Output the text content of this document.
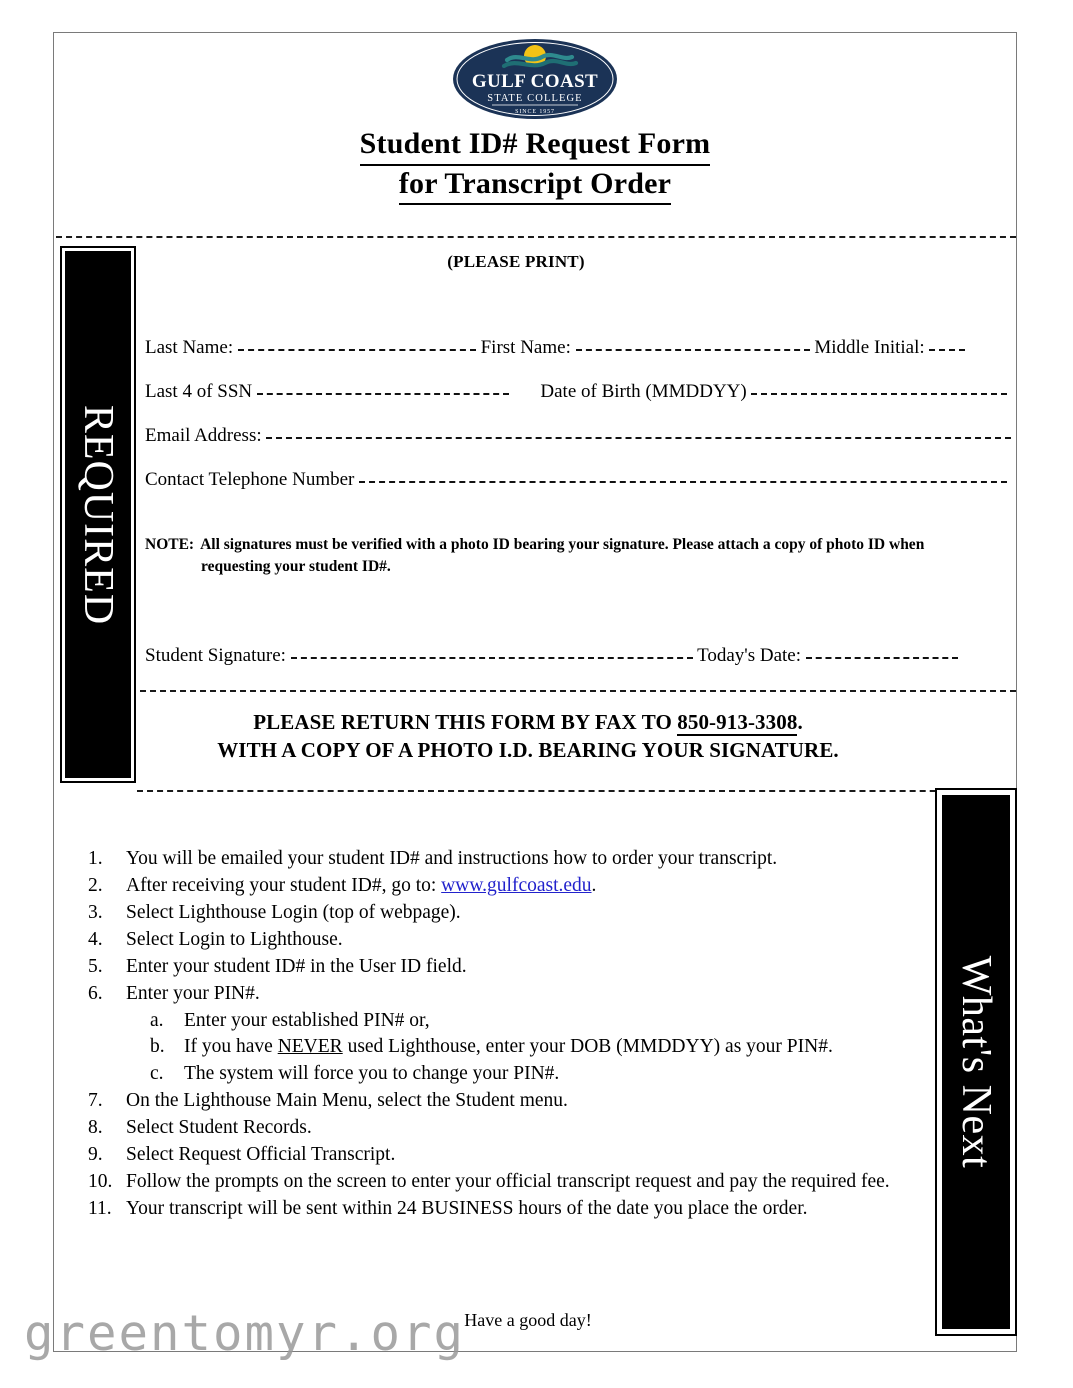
GULF COAST
STATE COLLEGE
SINCE 1957
Student ID# Request Form
for Transcript Order
REQUIRED
What's Next
(PLEASE PRINT)
Last Name:	First Name:	Middle Initial:
Last 4 of SSN	Date of Birth (MMDDYY)
Email Address:
Contact Telephone Number
NOTE: All signatures must be verified with a photo ID bearing your signature. Please attach a copy of photo ID when
requesting your student ID#.
Student Signature:	Today's Date:
PLEASE RETURN THIS FORM BY FAX TO 850-913-3308.
WITH A COPY OF A PHOTO I.D. BEARING YOUR SIGNATURE.
1.	You will be emailed your student ID# and instructions how to order your transcript.
2.	After receiving your student ID#, go to: www.gulfcoast.edu.
3.	Select Lighthouse Login (top of webpage).
4.	Select Login to Lighthouse.
5.	Enter your student ID# in the User ID field.
6.	Enter your PIN#.
a.	Enter your established PIN# or,
b. If you have NEVER used Lighthouse, enter your DOB (MMDDYY) as your PIN#.
c.	The system will force you to change your PIN#.
7.	On the Lighthouse Main Menu, select the Student menu.
8.	Select Student Records.
9.	Select Request Official Transcript.
10. Follow the prompts on the screen to enter your official transcript request and pay the required fee.
11. Your transcript will be sent within 24 BUSINESS hours of the date you place the order.
Have a good day!
greentomyr.org
